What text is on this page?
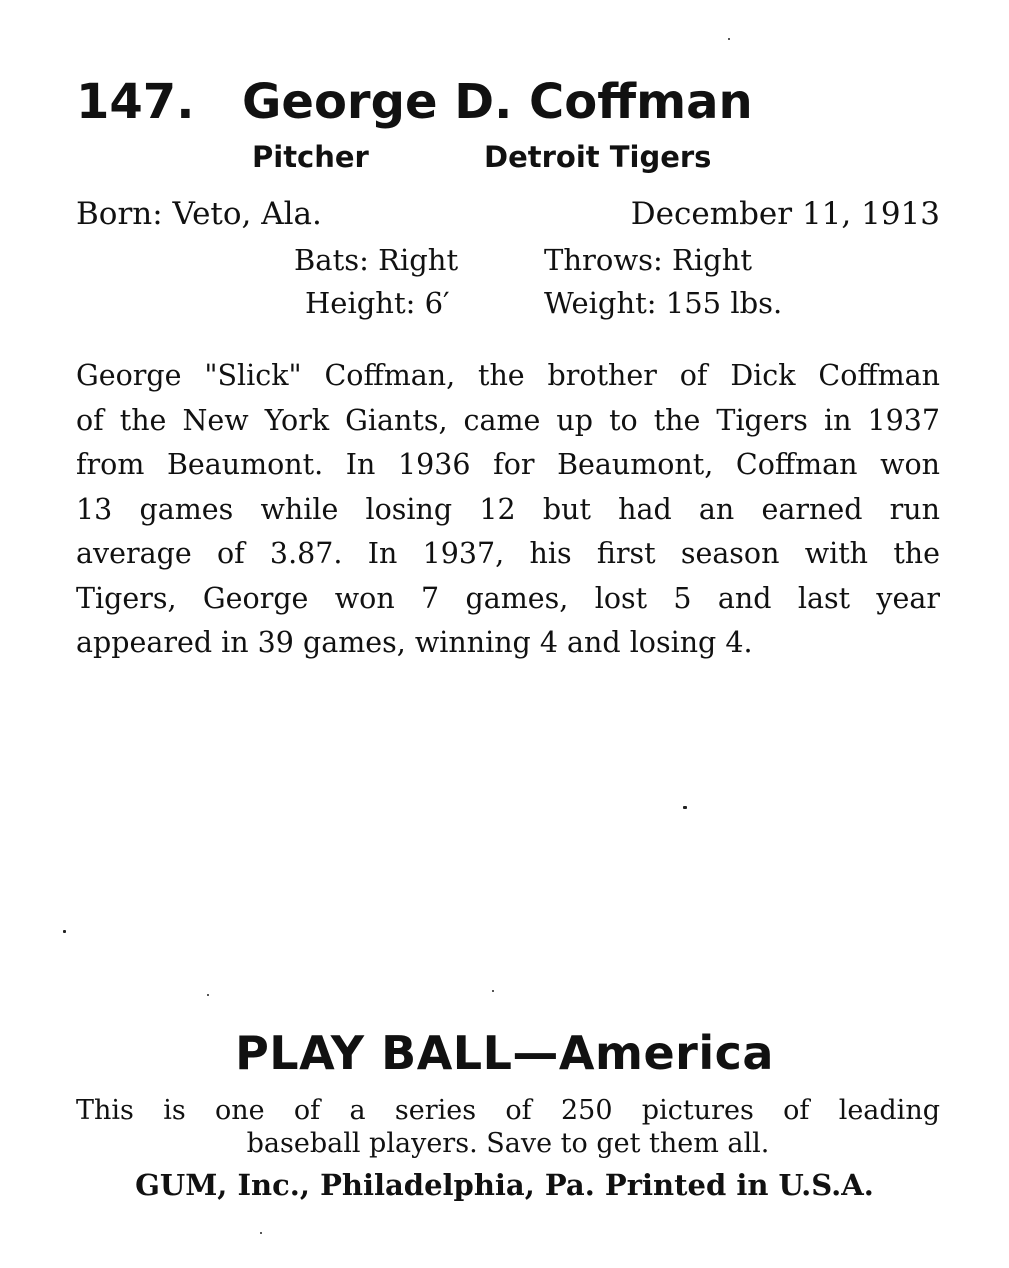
147. George D. Coffman
Pitcher	Detroit Tigers
Born: Veto, Ala.	December 11, 1913
Bats: Right	Throws: Right
Height: 6′	Weight: 155 lbs.
George "Slick" Coffman, the brother of Dick Coffman
of the New York Giants, came up to the Tigers in 1937
from Beaumont. In 1936 for Beaumont, Coffman won
13 games while losing 12 but had an earned run
average of 3.87. In 1937, his first season with the
Tigers, George won 7 games, lost 5 and last year
appeared in 39 games, winning 4 and losing 4.
PLAY BALL—America
This is one of a series of 250 pictures of leading
baseball players. Save to get them all.
GUM, Inc., Philadelphia, Pa. Printed in U.S.A.
